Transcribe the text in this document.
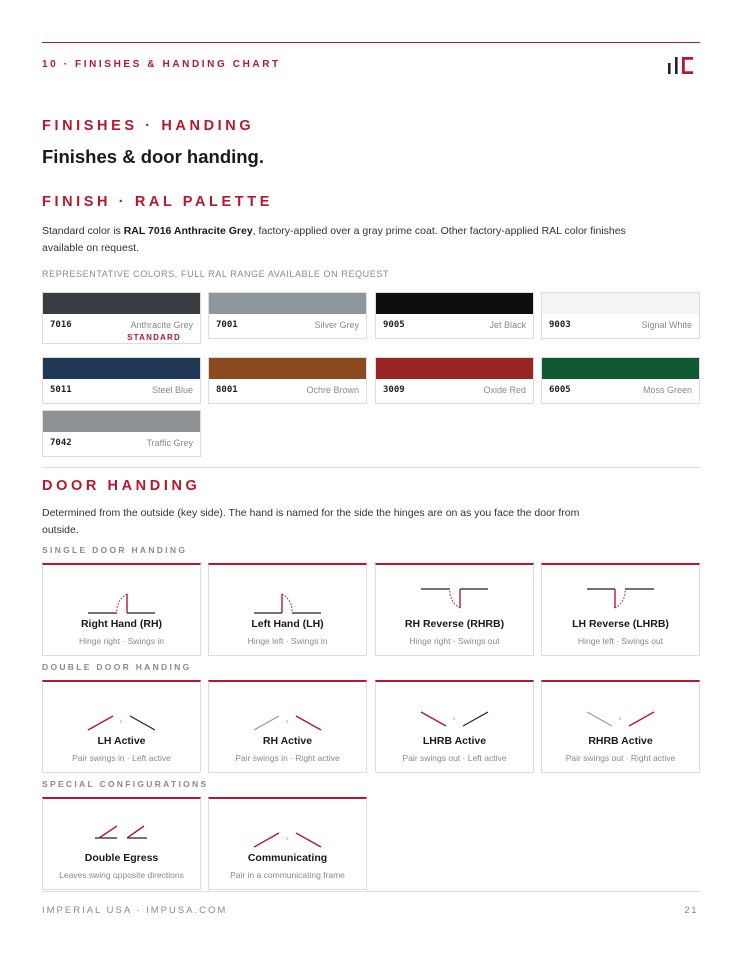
10 · FINISHES & HANDING CHART
FINISHES · HANDING
Finishes & door handing.
FINISH · RAL PALETTE
Standard color is RAL 7016 Anthracite Grey, factory-applied over a gray prime coat. Other factory-applied RAL color finishes available on request.
REPRESENTATIVE COLORS, FULL RAL RANGE AVAILABLE ON REQUEST
7016	Anthracite Grey
STANDARD
7001	Silver Grey	9005	Jet Black	9003	Signal White
5011	Steel Blue	8001	Ochre Brown	3009	Oxide Red	6005	Moss Green
7042	Traffic Grey
DOOR HANDING
Determined from the outside (key side). The hand is named for the side the hinges are on as you face the door from outside.
SINGLE DOOR HANDING
DOUBLE DOOR HANDING
SPECIAL CONFIGURATIONS
Right Hand (RH)
Hinge right · Swings in
Left Hand (LH)
Hinge left · Swings in
RH Reverse (RHRB)
Hinge right · Swings out
LH Reverse (LHRB)
Hinge left · Swings out
LH Active
Pair swings in · Left active
RH Active
Pair swings in · Right active
LHRB Active
Pair swings out · Left active
RHRB Active
Pair swings out · Right active
Double Egress
Leaves swing opposite directions
Communicating
Pair in a communicating frame
IMPERIAL USA · IMPUSA.COM	21
